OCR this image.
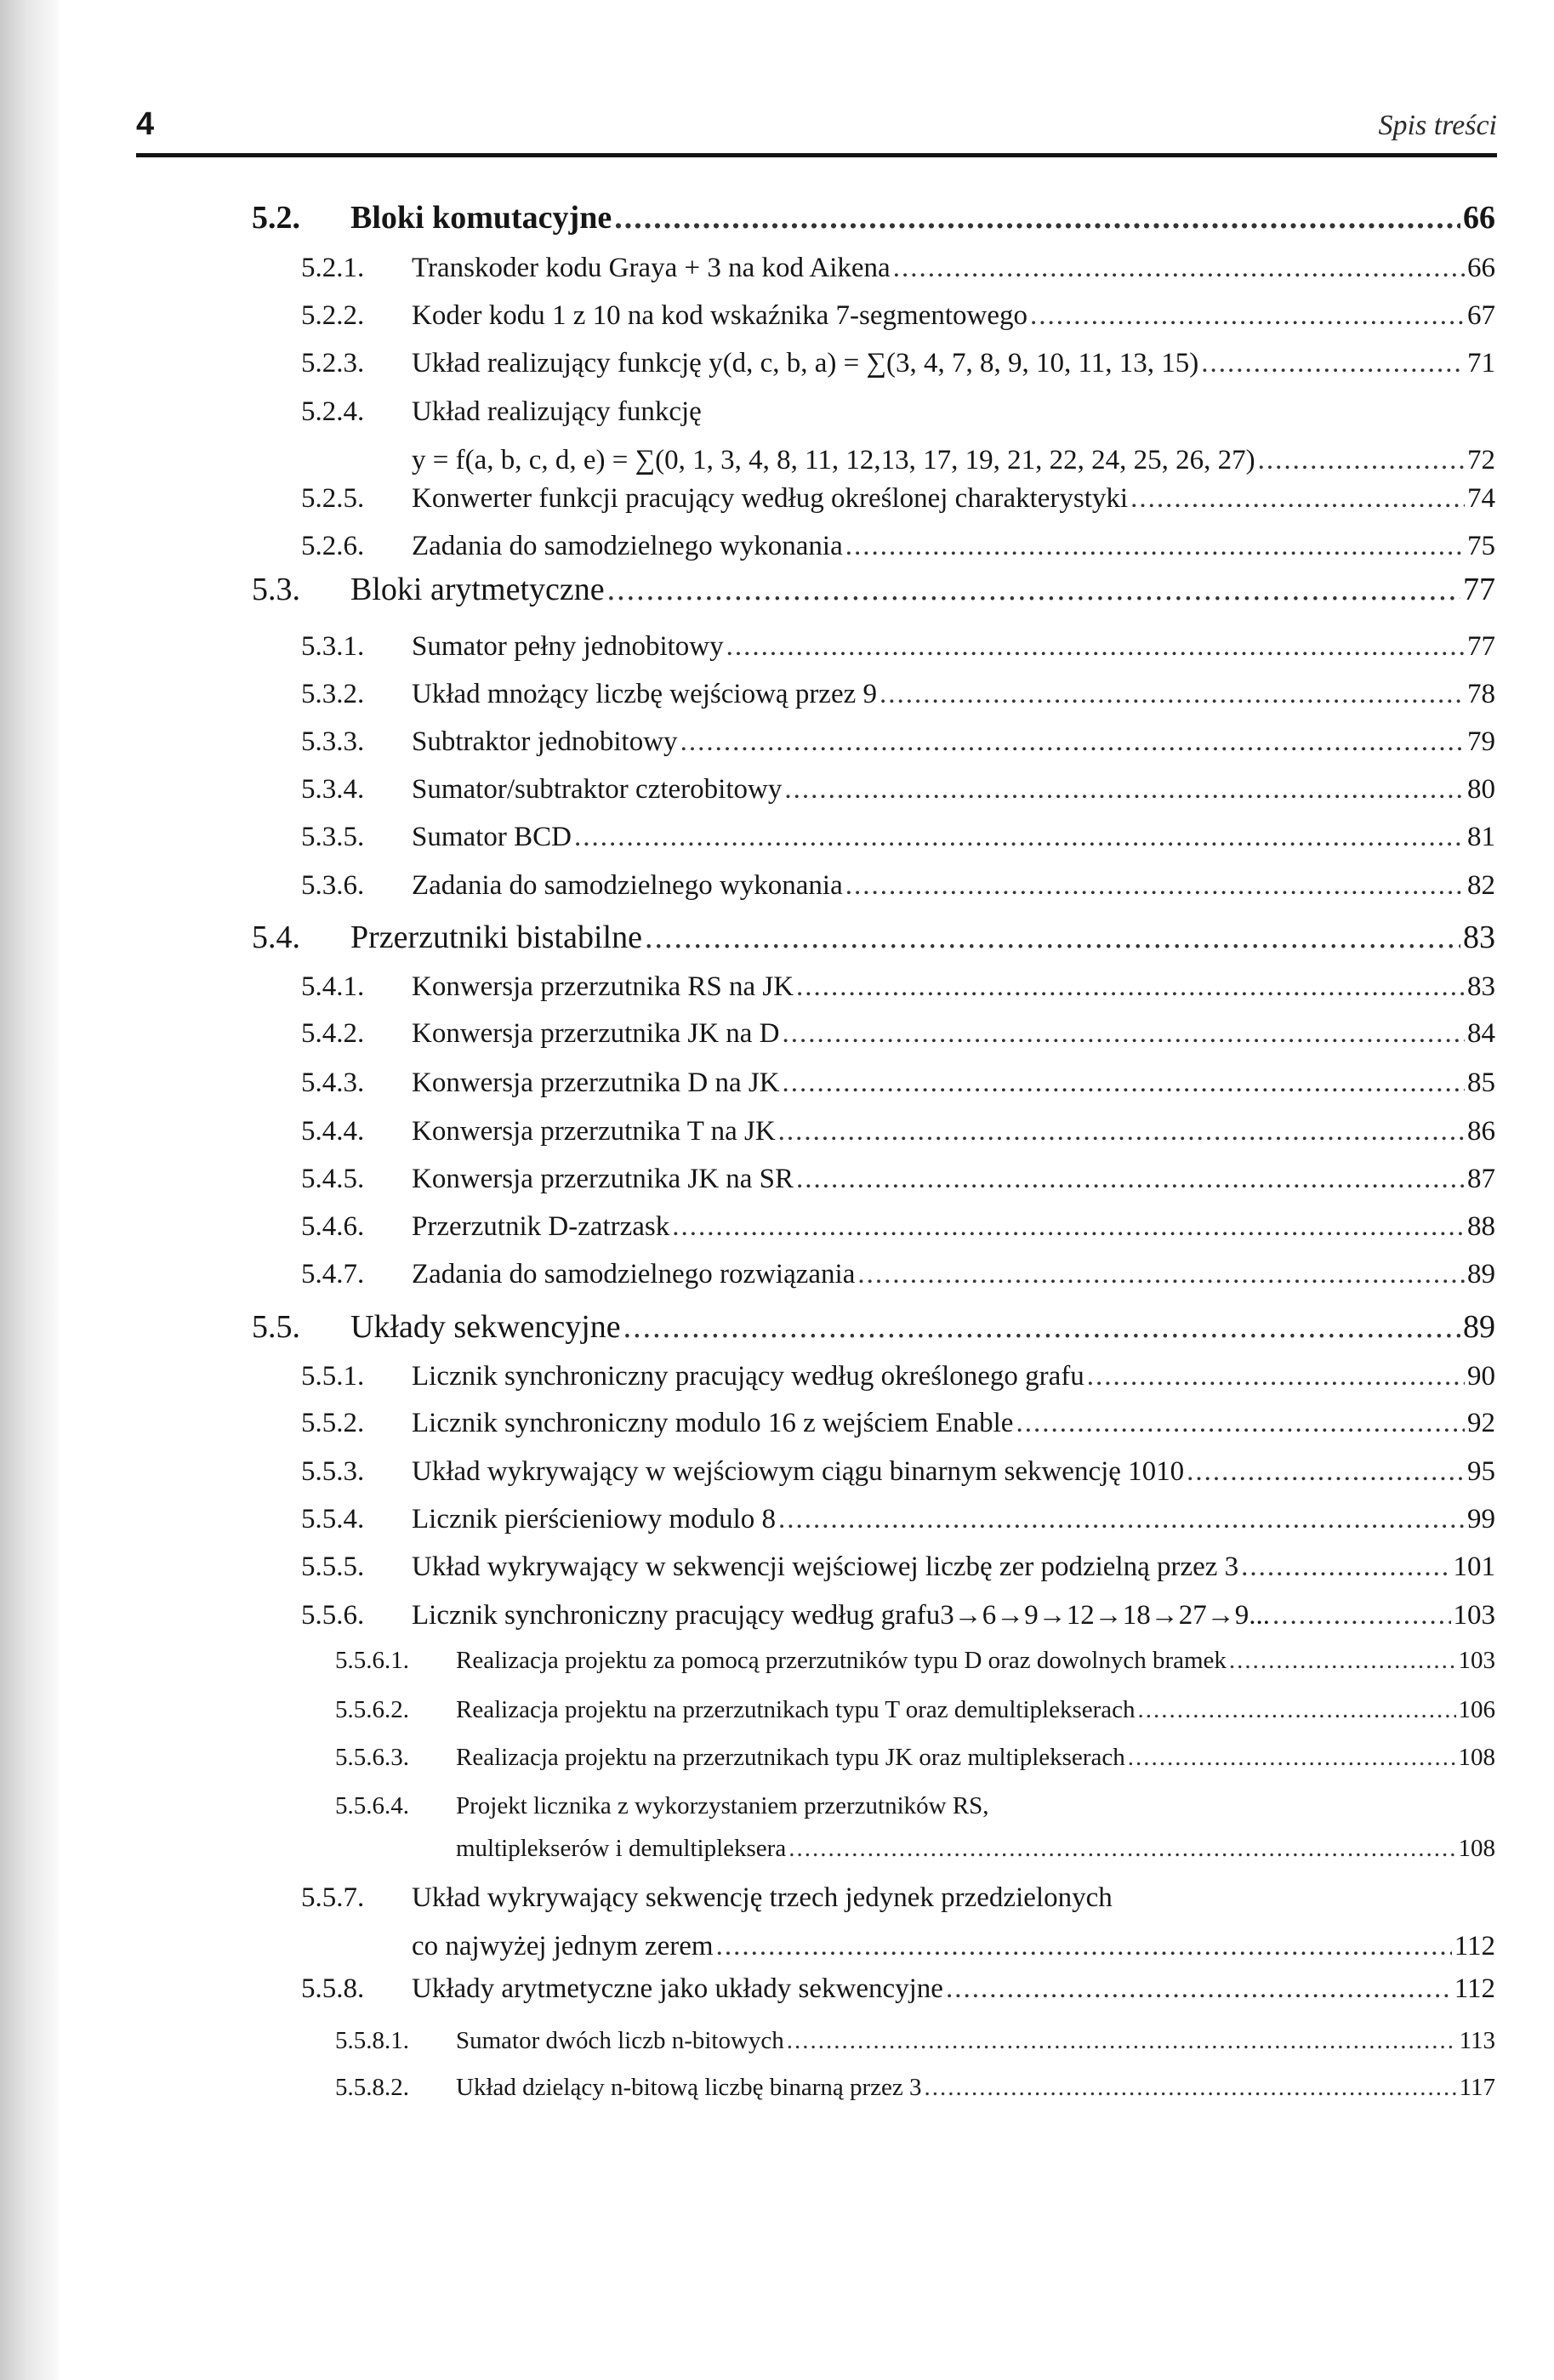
4	Spis treści
5.2. Bloki komutacyjne .....	66
5.2.1. Transkoder kodu Graya + 3 na kod Aikena .....	66
5.2.2. Koder kodu 1 z 10 na kod wskaźnika 7-segmentowego .....	67
5.2.3. Układ realizujący funkcję y(d, c, b, a) = ∑(3, 4, 7, 8, 9, 10, 11, 13, 15) .....	71
5.2.4. Układ realizujący funkcję
y = f(a, b, c, d, e) = ∑(0, 1, 3, 4, 8, 11, 12,13, 17, 19, 21, 22, 24, 25, 26, 27) .....	72
5.2.5. Konwerter funkcji pracujący według określonej charakterystyki .....	74
5.2.6. Zadania do samodzielnego wykonania .....	75
5.3. Bloki arytmetyczne .....	77
5.3.1. Sumator pełny jednobitowy .....	77
5.3.2. Układ mnożący liczbę wejściową przez 9 .....	78
5.3.3. Subtraktor jednobitowy .....	79
5.3.4. Sumator/subtraktor czterobitowy .....	80
5.3.5. Sumator BCD .....	81
5.3.6. Zadania do samodzielnego wykonania .....	82
5.4. Przerzutniki bistabilne .....	83
5.4.1. Konwersja przerzutnika RS na JK .....	83
5.4.2. Konwersja przerzutnika JK na D .....	84
5.4.3. Konwersja przerzutnika D na JK .....	85
5.4.4. Konwersja przerzutnika T na JK .....	86
5.4.5. Konwersja przerzutnika JK na SR .....	87
5.4.6. Przerzutnik D-zatrzask .....	88
5.4.7. Zadania do samodzielnego rozwiązania .....	89
5.5. Układy sekwencyjne .....	89
5.5.1. Licznik synchroniczny pracujący według określonego grafu .....	90
5.5.2. Licznik synchroniczny modulo 16 z wejściem Enable .....	92
5.5.3. Układ wykrywający w wejściowym ciągu binarnym sekwencję 1010 .....	95
5.5.4. Licznik pierścieniowy modulo 8 .....	99
5.5.5. Układ wykrywający w sekwencji wejściowej liczbę zer podzielną przez 3 .....	101
5.5.6. Licznik synchroniczny pracujący według grafu3→6→9→12→18→27→9... .....	103
5.5.6.1. Realizacja projektu za pomocą przerzutników typu D oraz dowolnych bramek .....	103
5.5.6.2. Realizacja projektu na przerzutnikach typu T oraz demultiplekserach .....	106
5.5.6.3. Realizacja projektu na przerzutnikach typu JK oraz multiplekserach .....	108
5.5.6.4. Projekt licznika z wykorzystaniem przerzutników RS,
multiplekserów i demultipleksera .....	108
5.5.7. Układ wykrywający sekwencję trzech jedynek przedzielonych
co najwyżej jednym zerem .....	112
5.5.8. Układy arytmetyczne jako układy sekwencyjne .....	112
5.5.8.1. Sumator dwóch liczb n-bitowych .....	113
5.5.8.2. Układ dzielący n-bitową liczbę binarną przez 3 .....	117
